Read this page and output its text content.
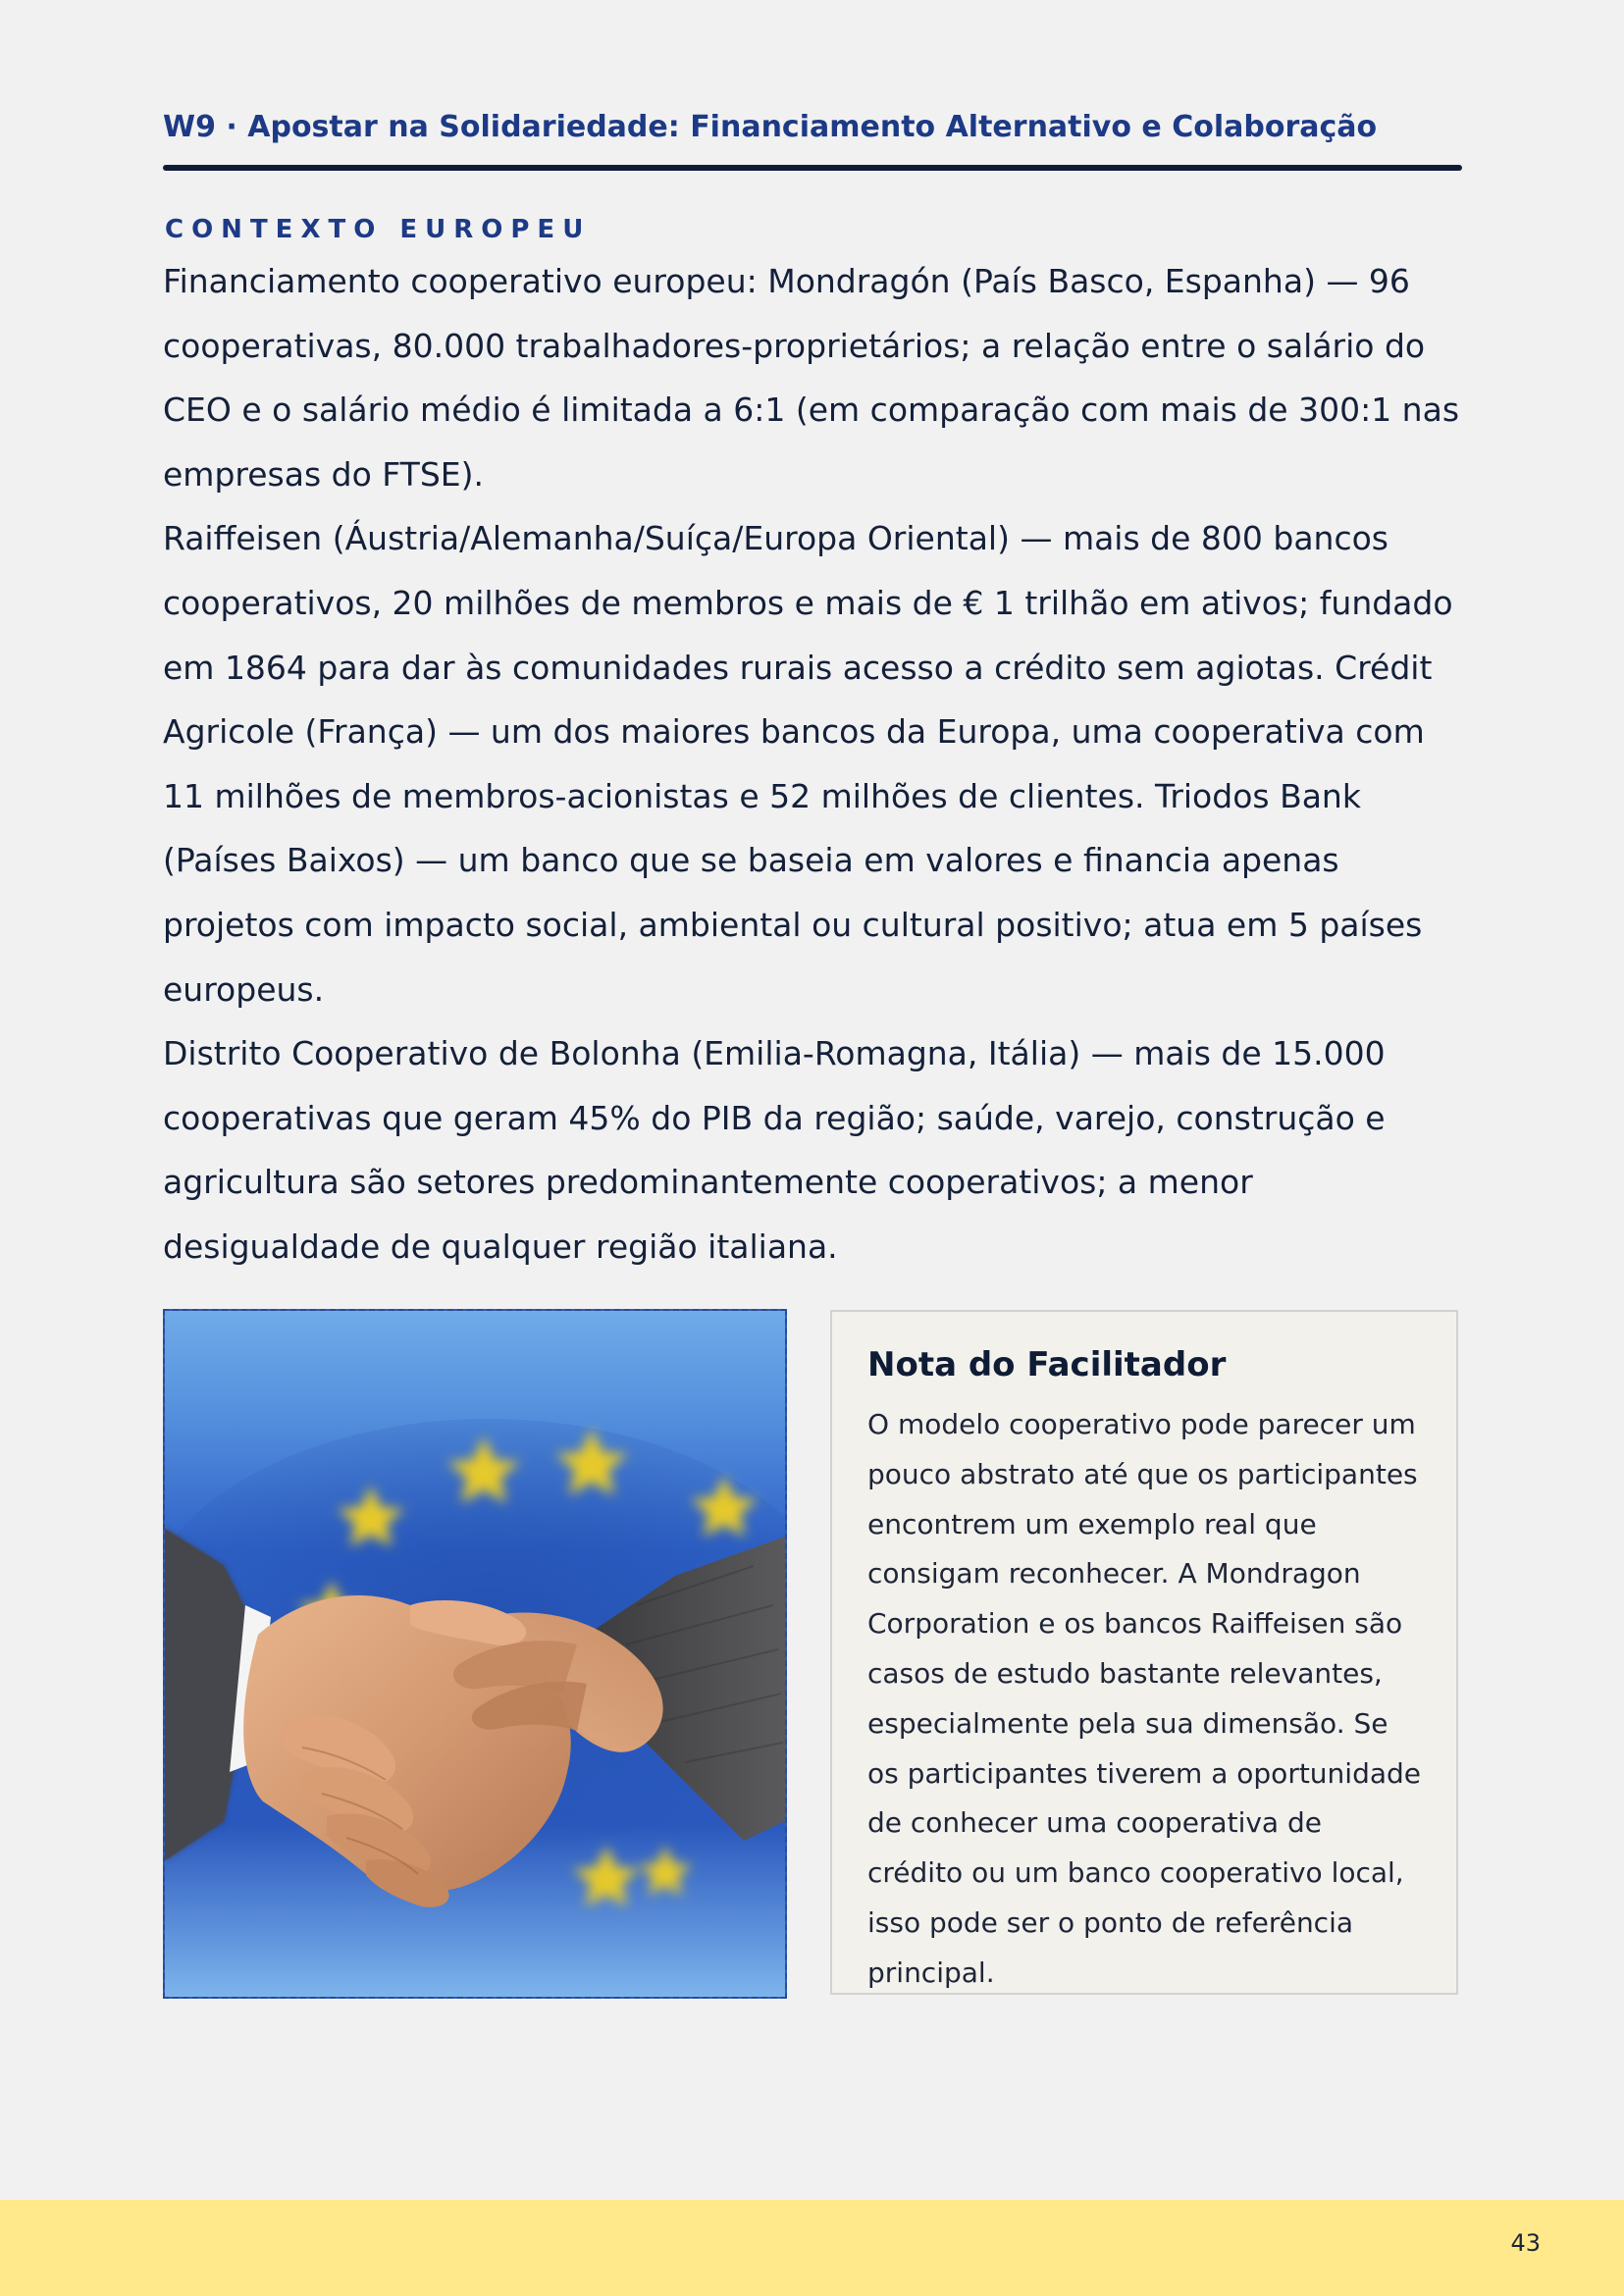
W9 · Apostar na Solidariedade: Financiamento Alternativo e Colaboração
CONTEXTO EUROPEU

Financiamento cooperativo europeu: Mondragón (País Basco, Espanha) — 96 cooperativas, 80.000 trabalhadores-proprietários; a relação entre o salário do CEO e o salário médio é limitada a 6:1 (em comparação com mais de 300:1 nas empresas do FTSE).

Raiffeisen (Áustria/Alemanha/Suíça/Europa Oriental) — mais de 800 bancos cooperativos, 20 milhões de membros e mais de € 1 trilhão em ativos; fundado em 1864 para dar às comunidades rurais acesso a crédito sem agiotas. Crédit Agricole (França) — um dos maiores bancos da Europa, uma cooperativa com 11 milhões de membros-acionistas e 52 milhões de clientes. Triodos Bank (Países Baixos) — um banco que se baseia em valores e financia apenas projetos com impacto social, ambiental ou cultural positivo; atua em 5 países europeus.

Distrito Cooperativo de Bolonha (Emilia-Romagna, Itália) — mais de 15.000 cooperativas que geram 45% do PIB da região; saúde, varejo, construção e agricultura são setores predominantemente cooperativos; a menor desigualdade de qualquer região italiana.

Nota do Facilitador

O modelo cooperativo pode parecer um pouco abstrato até que os participantes encontrem um exemplo real que consigam reconhecer. A Mondragon Corporation e os bancos Raiffeisen são casos de estudo bastante relevantes, especialmente pela sua dimensão. Se os participantes tiverem a oportunidade de conhecer uma cooperativa de crédito ou um banco cooperativo local, isso pode ser o ponto de referência principal.

43
